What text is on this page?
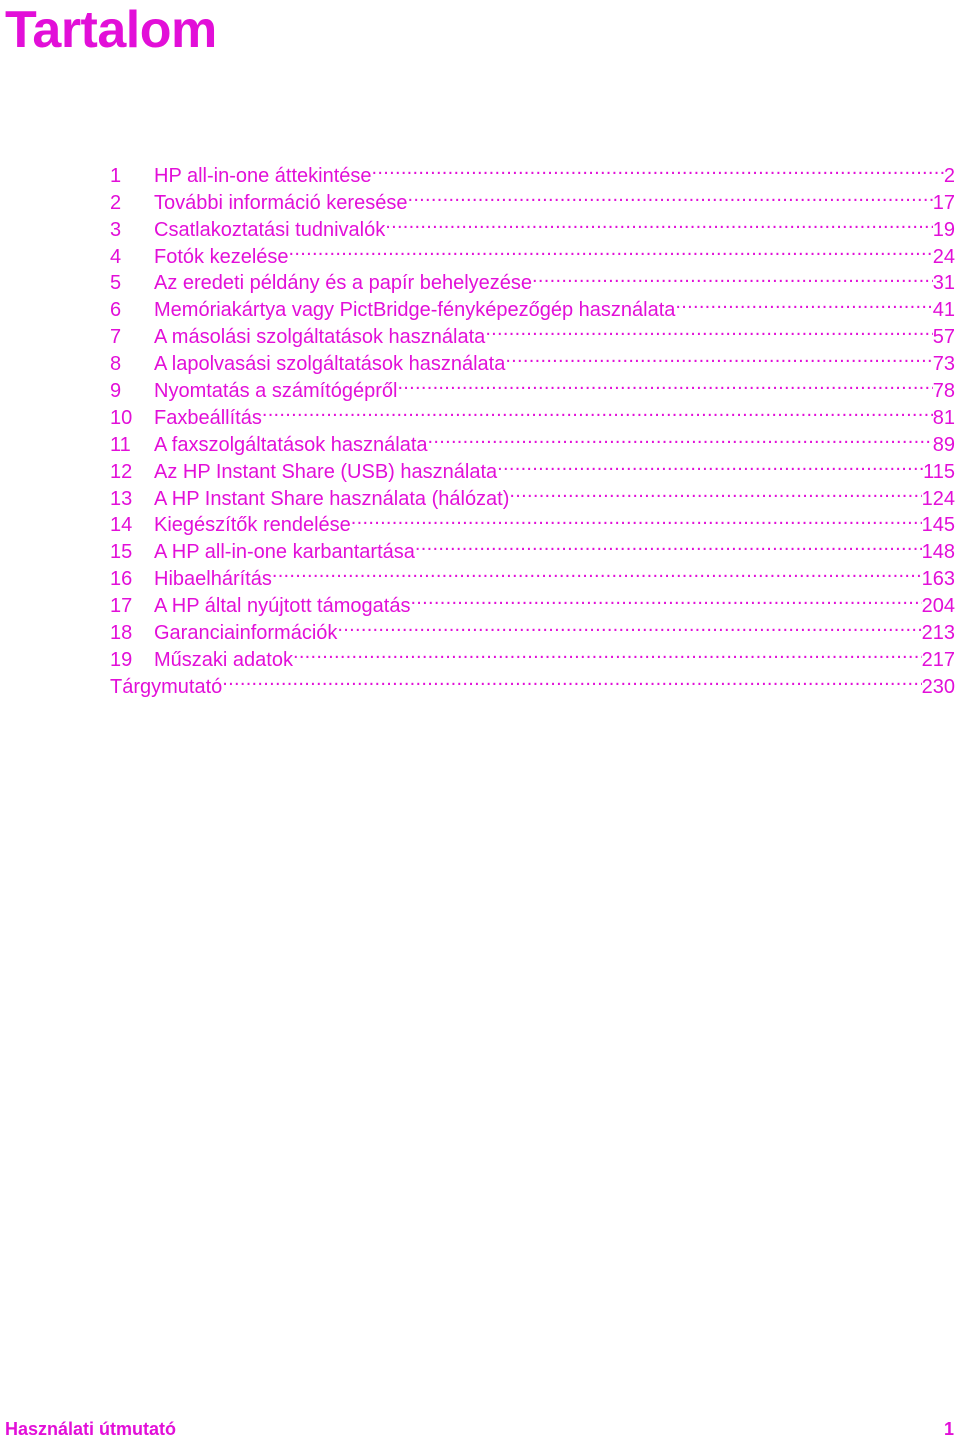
Tartalom
1	HP all-in-one áttekintése .....	2
2	További információ keresése .....	17
3	Csatlakoztatási tudnivalók .....	19
4	Fotók kezelése .....	24
5	Az eredeti példány és a papír behelyezése .....	31
6	Memóriakártya vagy PictBridge-fényképezőgép használata .....	41
7	A másolási szolgáltatások használata .....	57
8	A lapolvasási szolgáltatások használata .....	73
9	Nyomtatás a számítógépről .....	78
10	Faxbeállítás .....	81
11	A faxszolgáltatások használata .....	89
12	Az HP Instant Share (USB) használata .....	115
13	A HP Instant Share használata (hálózat) .....	124
14	Kiegészítők rendelése .....	145
15	A HP all-in-one karbantartása .....	148
16	Hibaelhárítás .....	163
17	A HP által nyújtott támogatás .....	204
18	Garanciainformációk .....	213
19	Műszaki adatok .....	217
Tárgymutató .....	230
Használati útmutató	1
